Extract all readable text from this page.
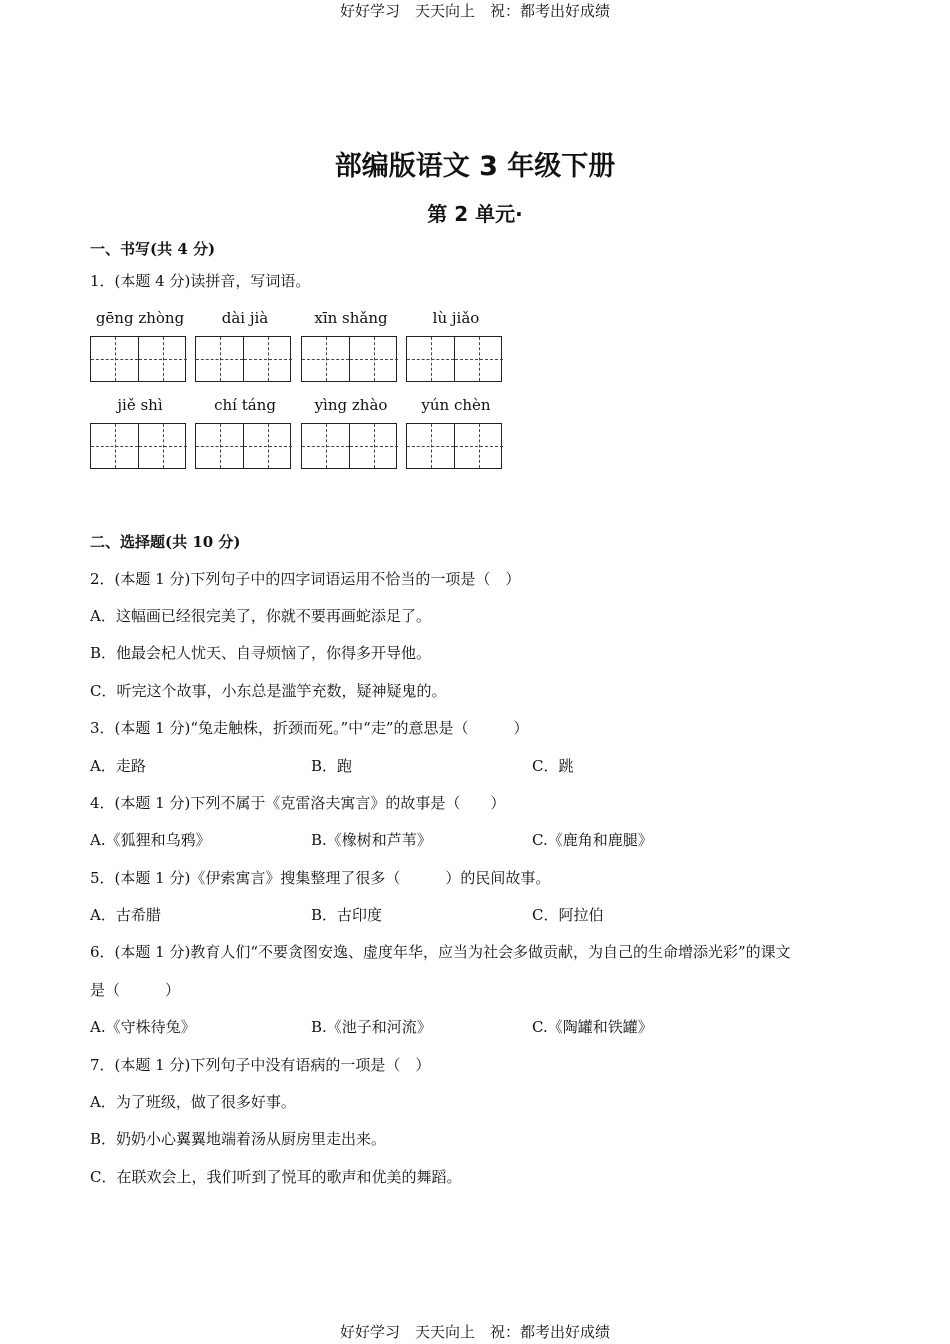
好好学习　天天向上　祝：都考出好成绩
部编版语文 3 年级下册
第 2 单元·
一、书写(共 4 分)
1．(本题 4 分)读拼音，写词语。
gēng zhòng	dài jià	xīn shǎng	lù jiǎo
jiě shì	chí táng	yìng zhào	yún chèn
二、选择题(共 10 分)
2．(本题 1 分)下列句子中的四字词语运用不恰当的一项是（　）
A．这幅画已经很完美了，你就不要再画蛇添足了。
B．他最会杞人忧天、自寻烦恼了，你得多开导他。
C．听完这个故事，小东总是滥竽充数，疑神疑鬼的。
3．(本题 1 分)“兔走触株，折颈而死。”中“走”的意思是（　　　）
A．走路	B．跑	C．跳
4．(本题 1 分)下列不属于《克雷洛夫寓言》的故事是（　　）
A.《狐狸和乌鸦》	B.《橡树和芦苇》	C.《鹿角和鹿腿》
5．(本题 1 分)《伊索寓言》搜集整理了很多（　　　）的民间故事。
A．古希腊	B．古印度	C．阿拉伯
6．(本题 1 分)教育人们“不要贪图安逸、虚度年华，应当为社会多做贡献，为自己的生命增添光彩”的课文
是（　　　）
A.《守株待兔》	B.《池子和河流》	C.《陶罐和铁罐》
7．(本题 1 分)下列句子中没有语病的一项是（　）
A．为了班级，做了很多好事。
B．奶奶小心翼翼地端着汤从厨房里走出来。
C．在联欢会上，我们听到了悦耳的歌声和优美的舞蹈。
好好学习　天天向上　祝：都考出好成绩
